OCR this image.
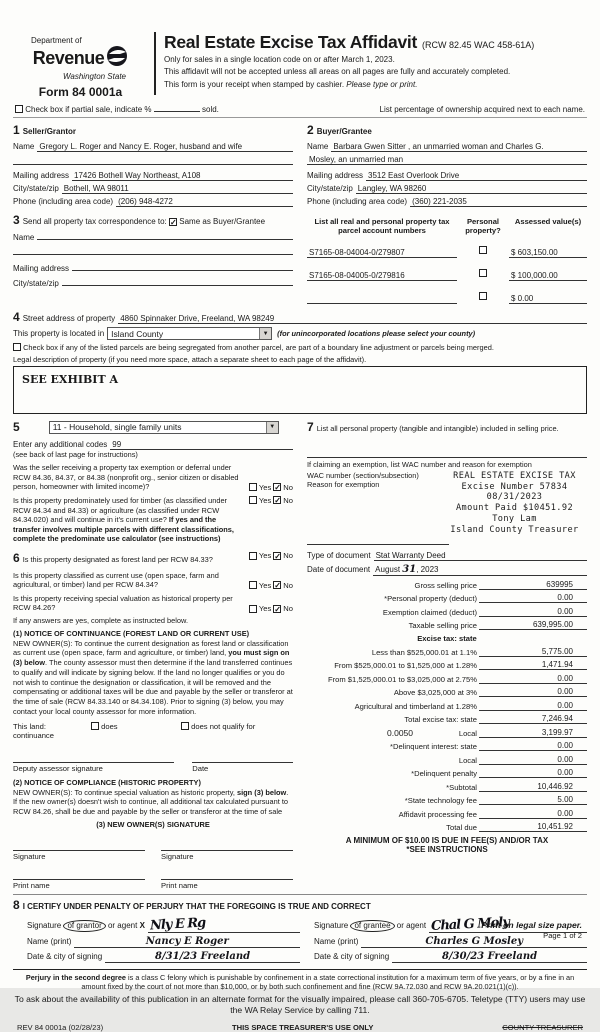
Department of
Revenue
Washington State
Form 84 0001a
Real Estate Excise Tax Affidavit (RCW 82.45 WAC 458-61A)
Only for sales in a single location code on or after March 1, 2023.
This affidavit will not be accepted unless all areas on all pages are fully and accurately completed.
This form is your receipt when stamped by cashier. Please type or print.
Check box if partial sale, indicate %	sold.	List percentage of ownership acquired next to each name.
1 Seller/Grantor
Name Gregory L. Roger and Nancy E. Roger, husband and wife
Mailing address 17426 Bothell Way Northeast, A108
City/state/zip Bothell, WA 98011
Phone (including area code) (206) 948-4272
2 Buyer/Grantee
Name Barbara Gwen Sitter , an unmarried woman and Charles G.
Mosley, an unmarried man
Mailing address 3512 East Overlook Drive
City/state/zip Langley, WA 98260
Phone (including area code) (360) 221-2035
3 Send all property tax correspondence to: ✓ Same as Buyer/Grantee
Name
Mailing address
City/state/zip
List all real and personal property tax parcel account numbers
Personal property?
Assessed value(s)
S7165-08-04004-0/279807	$ 603,150.00
S7165-08-04005-0/279816	$ 100,000.00
$ 0.00
4 Street address of property 4860 Spinnaker Drive, Freeland, WA 98249
This property is located in Island County	▼	(for unincorporated locations please select your county)
Check box if any of the listed parcels are being segregated from another parcel, are part of a boundary line adjustment or parcels being merged.
Legal description of property (if you need more space, attach a separate sheet to each page of the affidavit).
SEE EXHIBIT A
5	11 - Household, single family units	▼
Enter any additional codes 99
(see back of last page for instructions)
Was the seller receiving a property tax exemption or deferral under RCW 84.36, 84.37, or 84.38 (nonprofit org., senior citizen or disabled person, homeowner with limited income)?	Yes ✓ No
Is this property predominately used for timber (as classified under RCW 84.34 and 84.33) or agriculture (as classified under RCW 84.34.020) and will continue in it's current use? If yes and the transfer involves multiple parcels with different classifications, complete the predominate use calculator (see instructions)
Yes ✓ No
6 Is this property designated as forest land per RCW 84.33?	Yes ✓ No
Is this property classified as current use (open space, farm and agricultural, or timber) land per RCW 84.34?	Yes ✓ No
Is this property receiving special valuation as historical property per RCW 84.26?	Yes ✓ No
If any answers are yes, complete as instructed below.
(1) NOTICE OF CONTINUANCE (FOREST LAND OR CURRENT USE)
NEW OWNER(S): To continue the current designation as forest land or classification as current use (open space, farm and agriculture, or timber) land, you must sign on (3) below. The county assessor must then determine if the land transferred continues to qualify and will indicate by signing below. If the land no longer qualifies or you do not wish to continue the designation or classification, it will be removed and the compensating or additional taxes will be due and payable by the seller or transferor at the time of sale (RCW 84.33.140 or 84.34.108). Prior to signing (3) below, you may contact your local county assessor for more information.
This land:
continuance
does	does not qualify for
Deputy assessor signature	Date
(2) NOTICE OF COMPLIANCE (HISTORIC PROPERTY)
NEW OWNER(S): To continue special valuation as historic property, sign (3) below. If the new owner(s) doesn't wish to continue, all additional tax calculated pursuant to RCW 84.26, shall be due and payable by the seller or transferor at the time of sale
(3) NEW OWNER(S) SIGNATURE
Signature	Signature
Print name	Print name
7 List all personal property (tangible and intangible) included in selling price.
If claiming an exemption, list WAC number and reason for exemption
WAC number (section/subsection)
Reason for exemption
REAL ESTATE EXCISE TAX
Excise Number 57834
08/31/2023
Amount Paid $10451.92
Tony Lam
Island County Treasurer
Type of document Stat Warranty Deed
Date of document August 31, 2023
Gross selling price	639995
*Personal property (deduct)	0.00
Exemption claimed (deduct)	0.00
Taxable selling price	639,995.00
Excise tax: state
Less than $525,000.01 at 1.1%	5,775.00
From $525,000.01 to $1,525,000 at 1.28%	1,471.94
From $1,525,000.01 to $3,025,000 at 2.75%	0.00
Above $3,025,000 at 3%	0.00
Agricultural and timberland at 1.28%	0.00
Total excise tax: state	7,246.94
0.0050	Local	3,199.97
*Delinquent interest: state	0.00
Local	0.00
*Delinquent penalty	0.00
*Subtotal	10,446.92
*State technology fee	5.00
Affidavit processing fee	0.00
Total due	10,451.92
A MINIMUM OF $10.00 IS DUE IN FEE(S) AND/OR TAX
*SEE INSTRUCTIONS
8 I CERTIFY UNDER PENALTY OF PERJURY THAT THE FOREGOING IS TRUE AND CORRECT
Signature of grantor or agent X Nly E Rg
Name (print)	Nancy E Roger
Date & city of signing	8/31/23 Freeland
Signature of grantee or agent Chal G Moly
Name (print)	Charles G Mosley
Date & city of signing	8/30/23 Freeland
Perjury in the second degree is a class C felony which is punishable by confinement in a state correctional institution for a maximum term of five years, or by a fine in an amount fixed by the court of not more than $10,000, or by both such confinement and fine (RCW 9A.72.030 and RCW 9A.20.021(1)(c)).
To ask about the availability of this publication in an alternate format for the visually impaired, please call 360-705-6705. Teletype (TTY) users may use the WA Relay Service by calling 711.
REV 84 0001a (02/28/23)	THIS SPACE TREASURER'S USE ONLY	COUNTY TREASURER
Print on legal size paper.
Page 1 of 2
